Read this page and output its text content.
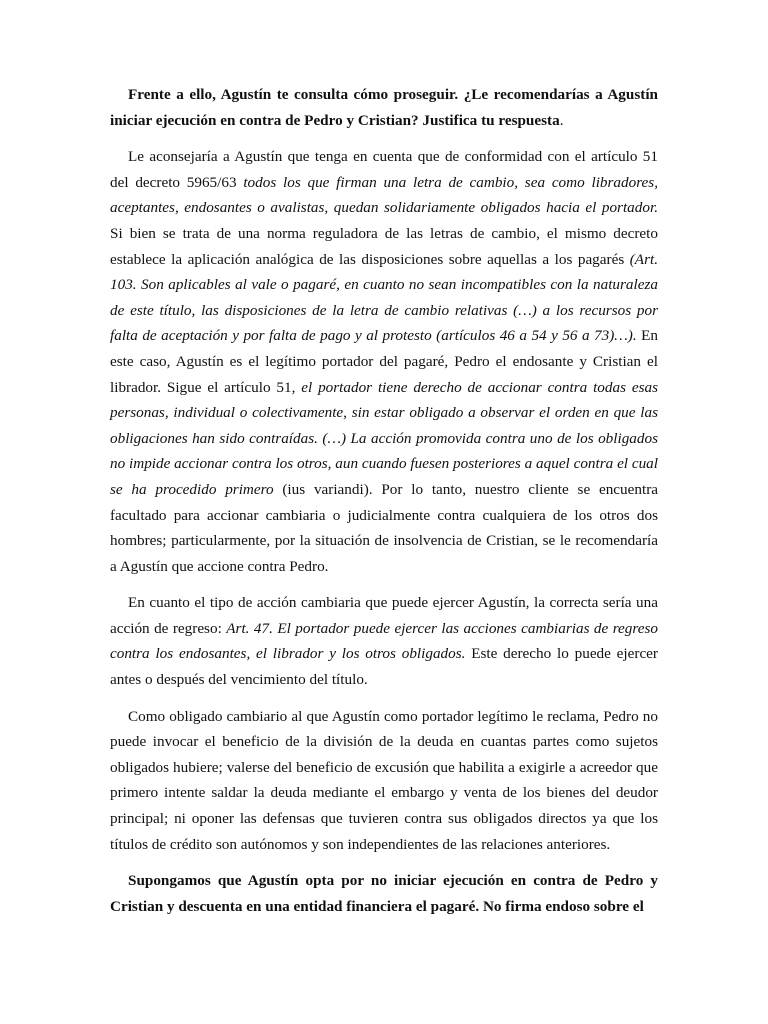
Frente a ello, Agustín te consulta cómo proseguir. ¿Le recomendarías a Agustín iniciar ejecución en contra de Pedro y Cristian? Justifica tu respuesta.

Le aconsejaría a Agustín que tenga en cuenta que de conformidad con el artículo 51 del decreto 5965/63 todos los que firman una letra de cambio, sea como libradores, aceptantes, endosantes o avalistas, quedan solidariamente obligados hacia el portador. Si bien se trata de una norma reguladora de las letras de cambio, el mismo decreto establece la aplicación analógica de las disposiciones sobre aquellas a los pagarés (Art. 103. Son aplicables al vale o pagaré, en cuanto no sean incompatibles con la naturaleza de este título, las disposiciones de la letra de cambio relativas (…) a los recursos por falta de aceptación y por falta de pago y al protesto (artículos 46 a 54 y 56 a 73)…). En este caso, Agustín es el legítimo portador del pagaré, Pedro el endosante y Cristian el librador. Sigue el artículo 51, el portador tiene derecho de accionar contra todas esas personas, individual o colectivamente, sin estar obligado a observar el orden en que las obligaciones han sido contraídas. (…) La acción promovida contra uno de los obligados no impide accionar contra los otros, aun cuando fuesen posteriores a aquel contra el cual se ha procedido primero (ius variandi). Por lo tanto, nuestro cliente se encuentra facultado para accionar cambiaria o judicialmente contra cualquiera de los otros dos hombres; particularmente, por la situación de insolvencia de Cristian, se le recomendaría a Agustín que accione contra Pedro.

En cuanto el tipo de acción cambiaria que puede ejercer Agustín, la correcta sería una acción de regreso: Art. 47. El portador puede ejercer las acciones cambiarias de regreso contra los endosantes, el librador y los otros obligados. Este derecho lo puede ejercer antes o después del vencimiento del título.

Como obligado cambiario al que Agustín como portador legítimo le reclama, Pedro no puede invocar el beneficio de la división de la deuda en cuantas partes como sujetos obligados hubiere; valerse del beneficio de excusión que habilita a exigirle a acreedor que primero intente saldar la deuda mediante el embargo y venta de los bienes del deudor principal; ni oponer las defensas que tuvieren contra sus obligados directos ya que los títulos de crédito son autónomos y son independientes de las relaciones anteriores.

Supongamos que Agustín opta por no iniciar ejecución en contra de Pedro y Cristian y descuenta en una entidad financiera el pagaré. No firma endoso sobre el
